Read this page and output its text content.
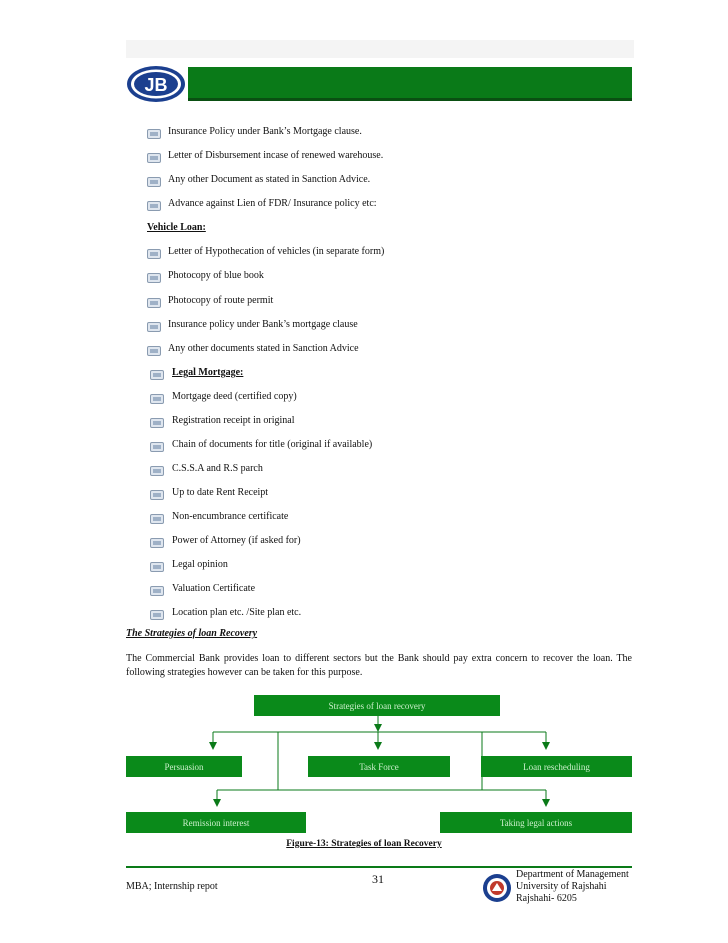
JB
Insurance Policy under Bank’s Mortgage clause.
Letter of Disbursement incase of renewed warehouse.
Any other Document as stated in Sanction Advice.
Advance against Lien of FDR/ Insurance policy etc:
Vehicle Loan:
Letter of Hypothecation of vehicles (in separate form)
Photocopy of blue book
Photocopy of route permit
Insurance policy under Bank’s mortgage clause
Any other documents stated in Sanction Advice
Legal Mortgage:
Mortgage deed (certified copy)
Registration receipt in original
Chain of documents for title (original if available)
C.S.S.A and R.S parch
Up to date Rent Receipt
Non-encumbrance certificate
Power of Attorney (if asked for)
Legal opinion
Valuation Certificate
Location plan etc. /Site plan etc.
The Strategies of loan Recovery
The Commercial Bank provides loan to different sectors but the Bank should pay extra concern to recover the loan. The following strategies however can be taken for this purpose.
Strategies of loan recovery
Persuasion	Task Force	Loan rescheduling
Remission interest	Taking legal actions
Figure-13: Strategies of loan Recovery
31
MBA; Internship repot
Department of Management
University of Rajshahi
Rajshahi- 6205
